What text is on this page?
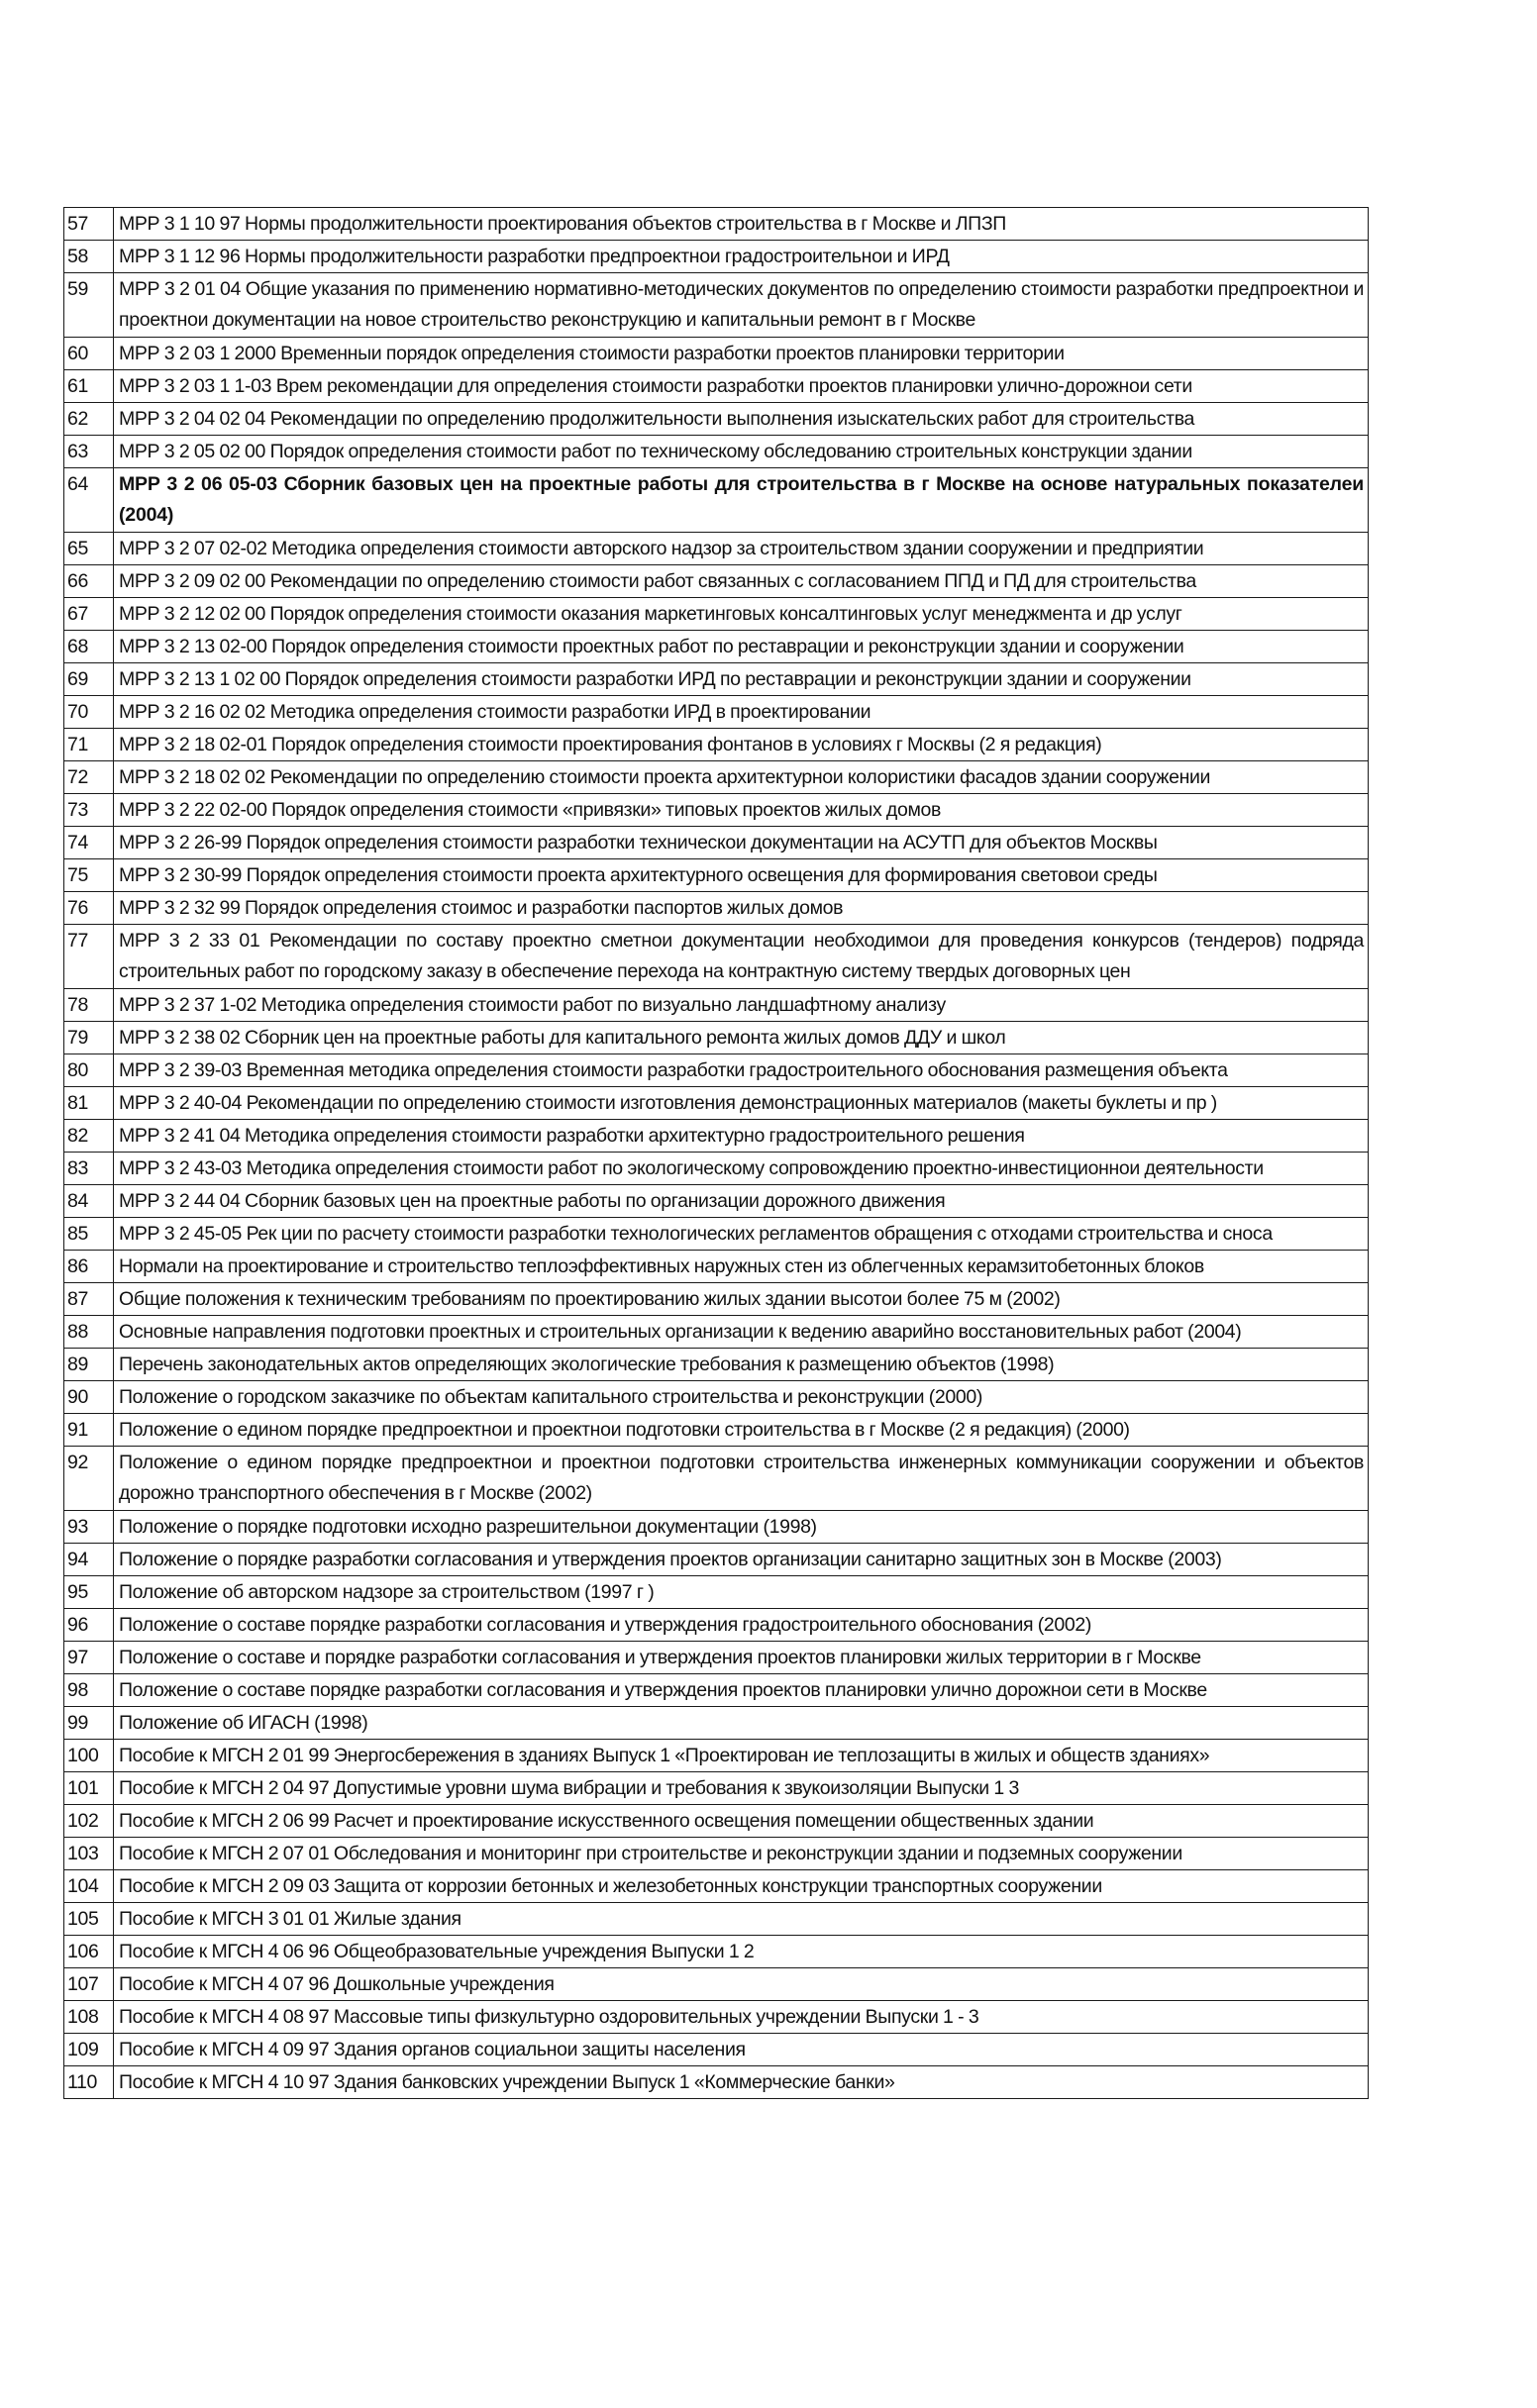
57	МРР 3 1 10 97 Нормы продолжительности проектирования объектов строительства в г Москве и ЛПЗП
58	МРР 3 1 12 96 Нормы продолжительности разработки предпроектнои градостроительнои и ИРД
59	МРР 3 2 01 04 Общие указания по применению нормативно-методических документов по определению стоимости разработки предпроектнои и проектнои документации на новое строительство реконструкцию и капитальныи ремонт в г Москве
60	МРР 3 2 03 1 2000 Временныи порядок определения стоимости разработки проектов планировки территории
61	МРР 3 2 03 1 1-03 Врем рекомендации для определения стоимости разработки проектов планировки улично-дорожнои сети
62	МРР 3 2 04 02 04 Рекомендации по определению продолжительности выполнения изыскательских работ для строительства
63	МРР 3 2 05 02 00 Порядок определения стоимости работ по техническому обследованию строительных конструкции здании
64	МРР 3 2 06 05-03 Сборник базовых цен на проектные работы для строительства в г Москве на основе натуральных показателеи (2004)
65	МРР 3 2 07 02-02 Методика определения стоимости авторского надзор за строительством здании сооружении и предприятии
66	МРР 3 2 09 02 00 Рекомендации по определению стоимости работ связанных с согласованием ППД и ПД для строительства
67	МРР 3 2 12 02 00 Порядок определения стоимости оказания маркетинговых консалтинговых услуг менеджмента и др услуг
68	МРР 3 2 13 02-00 Порядок определения стоимости проектных работ по реставрации и реконструкции здании и сооружении
69	МРР 3 2 13 1 02 00 Порядок определения стоимости разработки ИРД по реставрации и реконструкции здании и сооружении
70	МРР 3 2 16 02 02 Методика определения стоимости разработки ИРД в проектировании
71	МРР 3 2 18 02-01 Порядок определения стоимости проектирования фонтанов в условиях г Москвы (2 я редакция)
72	МРР 3 2 18 02 02 Рекомендации по определению стоимости проекта архитектурнои колористики фасадов здании сооружении
73	МРР 3 2 22 02-00 Порядок определения стоимости «привязки» типовых проектов жилых домов
74	МРР 3 2 26-99 Порядок определения стоимости разработки техническои документации на АСУТП для объектов Москвы
75	МРР 3 2 30-99 Порядок определения стоимости проекта архитектурного освещения для формирования световои среды
76	МРР 3 2 32 99 Порядок определения стоимос и разработки паспортов жилых домов
77	МРР 3 2 33 01 Рекомендации по составу проектно сметнои документации необходимои для проведения конкурсов (тендеров) подряда строительных работ по городскому заказу в обеспечение перехода на контрактную систему твердых договорных цен
78	МРР 3 2 37 1-02 Методика определения стоимости работ по визуально ландшафтному анализу
79	МРР 3 2 38 02 Сборник цен на проектные работы для капитального ремонта жилых домов ДДУ и школ
80	МРР 3 2 39-03 Временная методика определения стоимости разработки градостроительного обоснования размещения объекта
81	МРР 3 2 40-04 Рекомендации по определению стоимости изготовления демонстрационных материалов (макеты буклеты и пр )
82	МРР 3 2 41 04 Методика определения стоимости разработки архитектурно градостроительного решения
83	МРР 3 2 43-03 Методика определения стоимости работ по экологическому сопровождению проектно-инвестиционнои деятельности
84	МРР 3 2 44 04 Сборник базовых цен на проектные работы по организации дорожного движения
85	МРР 3 2 45-05 Рек ции по расчету стоимости разработки технологических регламентов обращения с отходами строительства и сноса
86	Нормали на проектирование и строительство теплоэффективных наружных стен из облегченных керамзитобетонных блоков
87	Общие положения к техническим требованиям по проектированию жилых здании высотои более 75 м (2002)
88	Основные направления подготовки проектных и строительных организации к ведению аварийно восстановительных работ (2004)
89	Перечень законодательных актов определяющих экологические требования к размещению объектов (1998)
90	Положение о городском заказчике по объектам капитального строительства и реконструкции (2000)
91	Положение о едином порядке предпроектнои и проектнои подготовки строительства в г Москве (2 я редакция) (2000)
92	Положение о едином порядке предпроектнои и проектнои подготовки строительства инженерных коммуникации сооружении и объектов дорожно транспортного обеспечения в г Москве (2002)
93	Положение о порядке подготовки исходно разрешительнои документации (1998)
94	Положение о порядке разработки согласования и утверждения проектов организации санитарно защитных зон в Москве (2003)
95	Положение об авторском надзоре за строительством (1997 г )
96	Положение о составе порядке разработки согласования и утверждения градостроительного обоснования (2002)
97	Положение о составе и порядке разработки согласования и утверждения проектов планировки жилых территории в г Москве
98	Положение о составе порядке разработки согласования и утверждения проектов планировки улично дорожнои сети в Москве
99	Положение об ИГАСН (1998)
100	Пособие к МГСН 2 01 99 Энергосбережения в зданиях Выпуск 1 «Проектирован ие теплозащиты в жилых и обществ зданиях»
101	Пособие к МГСН 2 04 97 Допустимые уровни шума вибрации и требования к звукоизоляции Выпуски 1 3
102	Пособие к МГСН 2 06 99 Расчет и проектирование искусственного освещения помещении общественных здании
103	Пособие к МГСН 2 07 01 Обследования и мониторинг при строительстве и реконструкции здании и подземных сооружении
104	Пособие к МГСН 2 09 03 Защита от коррозии бетонных и железобетонных конструкции транспортных сооружении
105	Пособие к МГСН 3 01 01 Жилые здания
106	Пособие к МГСН 4 06 96 Общеобразовательные учреждения Выпуски 1 2
107	Пособие к МГСН 4 07 96 Дошкольные учреждения
108	Пособие к МГСН 4 08 97 Массовые типы физкультурно оздоровительных учреждении Выпуски 1 - 3
109	Пособие к МГСН 4 09 97 Здания органов социальнои защиты населения
110	Пособие к МГСН 4 10 97 Здания банковских учреждении Выпуск 1 «Коммерческие банки»
